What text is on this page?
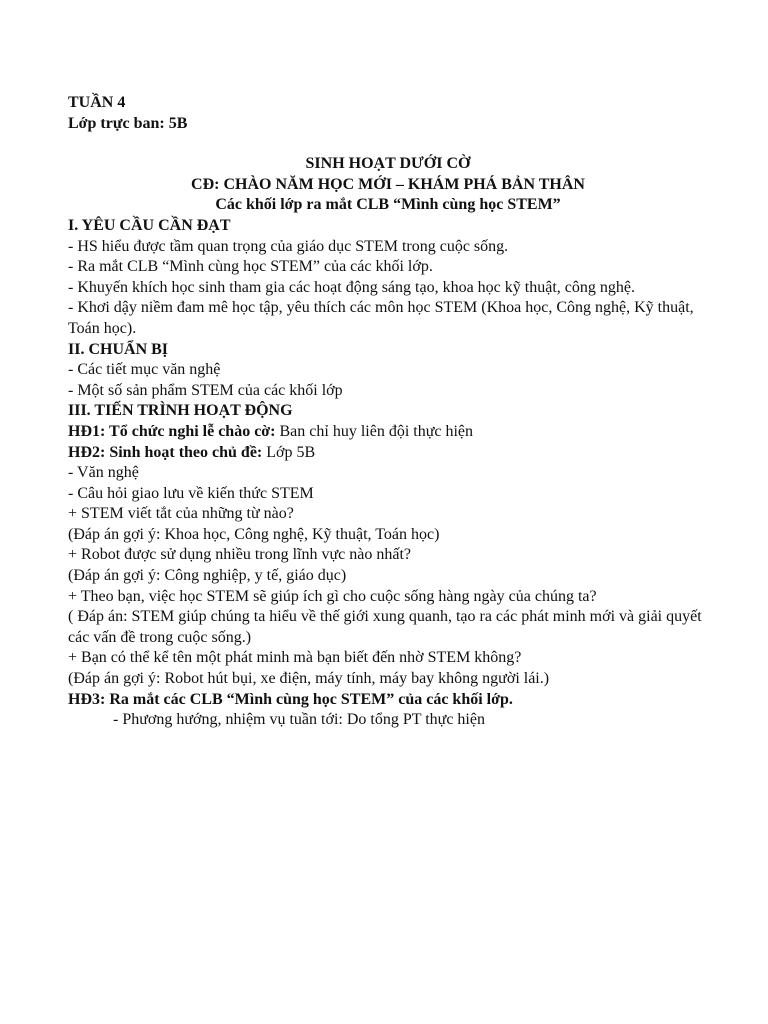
TUẦN 4
Lớp trực ban: 5B
SINH HOẠT DƯỚI CỜ
CĐ: CHÀO NĂM HỌC MỚI – KHÁM PHÁ BẢN THÂN
Các khối lớp ra mắt CLB “Mình cùng học STEM”
I. YÊU CẦU CẦN ĐẠT
- HS hiểu được tầm quan trọng của giáo dục STEM trong cuộc sống.
- Ra mắt CLB “Mình cùng học STEM” của các khối lớp.
- Khuyến khích học sinh tham gia các hoạt động sáng tạo, khoa học kỹ thuật, công nghệ.
- Khơi dậy niềm đam mê học tập, yêu thích các môn học STEM (Khoa học, Công nghệ, Kỹ thuật, Toán học).
II. CHUẨN BỊ
- Các tiết mục văn nghệ
- Một số sản phẩm STEM của các khối lớp
III. TIẾN TRÌNH HOẠT ĐỘNG
HĐ1: Tổ chức nghi lễ chào cờ: Ban chỉ huy liên đội thực hiện
HĐ2: Sinh hoạt theo chủ đề: Lớp 5B
- Văn nghệ
- Câu hỏi giao lưu về kiến thức STEM
+ STEM viết tắt của những từ nào?
(Đáp án gợi ý: Khoa học, Công nghệ, Kỹ thuật, Toán học)
+ Robot được sử dụng nhiều trong lĩnh vực nào nhất?
(Đáp án gợi ý: Công nghiệp, y tế, giáo dục)
+ Theo bạn, việc học STEM sẽ giúp ích gì cho cuộc sống hàng ngày của chúng ta?
( Đáp án: STEM giúp chúng ta hiểu về thế giới xung quanh, tạo ra các phát minh mới và giải quyết các vấn đề trong cuộc sống.)
+ Bạn có thể kể tên một phát minh mà bạn biết đến nhờ STEM không?
(Đáp án gợi ý: Robot hút bụi, xe điện, máy tính, máy bay không người lái.)
HĐ3: Ra mắt các CLB “Mình cùng học STEM” của các khối lớp.
- Phương hướng, nhiệm vụ tuần tới: Do tổng PT thực hiện
